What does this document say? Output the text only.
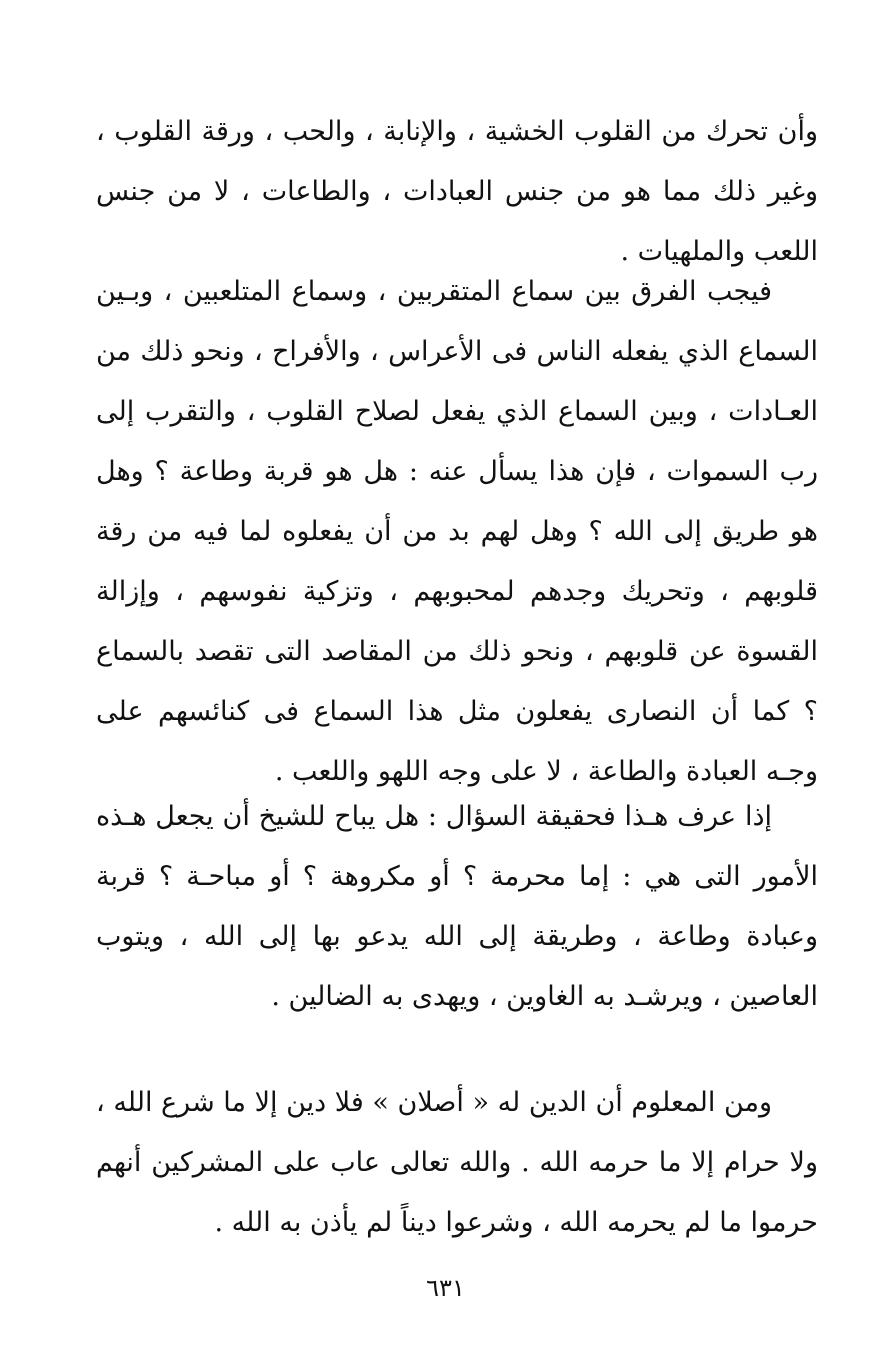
وأن تحرك من القلوب الخشية ، والإنابة ، والحب ، ورقة القلوب ، وغير ذلك مما هو من جنس العبادات ، والطاعات ، لا من جنس اللعب والملهيات .

فيجب الفرق بين سماع المتقربين ، وسماع المتلعبين ، وبـين السماع الذي يفعله الناس فى الأعراس ، والأفراح ، ونحو ذلك من العـادات ، وبين السماع الذي يفعل لصلاح القلوب ، والتقرب إلى رب السموات ، فإن هذا يسأل عنه : هل هو قربة وطاعة ؟ وهل هو طريق إلى الله ؟ وهل لهم بد من أن يفعلوه لما فيه من رقة قلوبهم ، وتحريك وجدهم لمحبوبهم ، وتزكية نفوسهم ، وإزالة القسوة عن قلوبهم ، ونحو ذلك من المقاصد التى تقصد بالسماع ؟ كما أن النصارى يفعلون مثل هذا السماع فى كنائسهم على وجـه العبادة والطاعة ، لا على وجه اللهو واللعب .

إذا عرف هـذا فحقيقة السؤال : هل يباح للشيخ أن يجعل هـذه الأمور التى هي : إما محرمة ؟ أو مكروهة ؟ أو مباحـة ؟ قربة وعبادة وطاعة ، وطريقة إلى الله يدعو بها إلى الله ، ويتوب العاصين ، ويرشـد به الغاوين ، ويهدى به الضالين .

ومن المعلوم أن الدين له « أصلان » فلا دين إلا ما شرع الله ، ولا حرام إلا ما حرمه الله . والله تعالى عاب على المشركين أنهم حرموا ما لم يحرمه الله ، وشرعوا ديناً لم يأذن به الله .

٦٣١
